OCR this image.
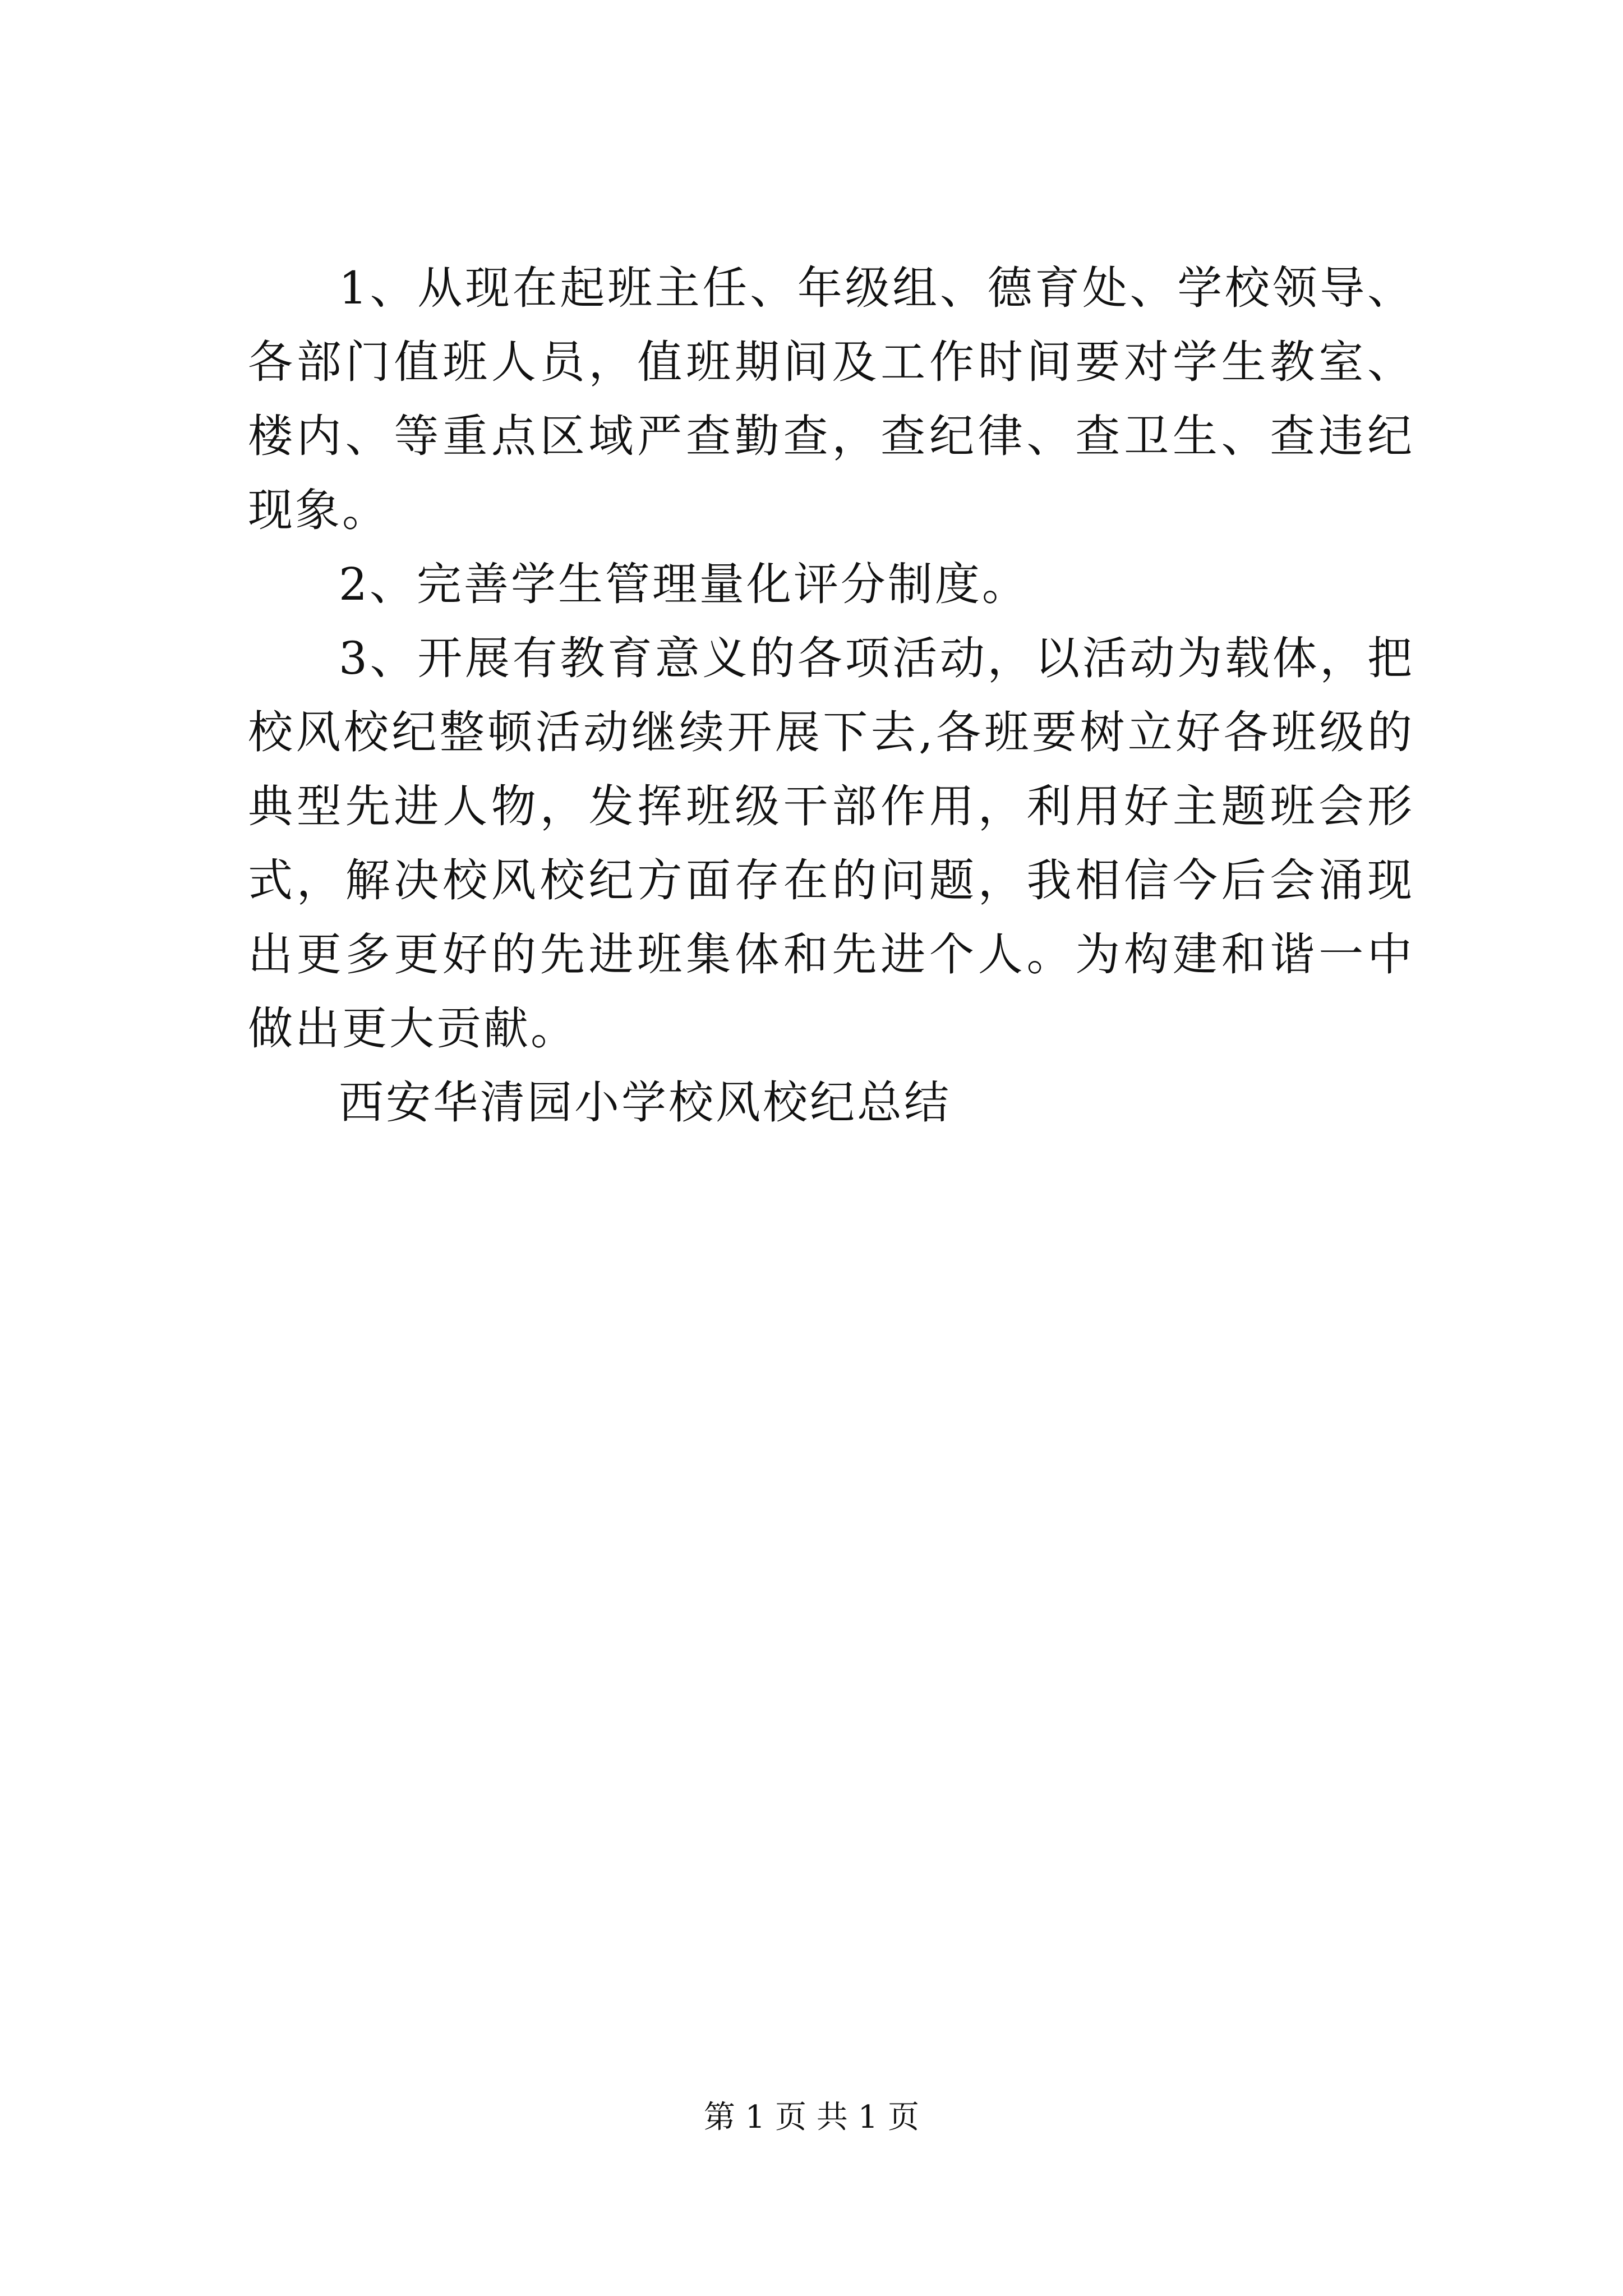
1、从现在起班主任、年级组、德育处、学校领导、各部门值班人员，值班期间及工作时间要对学生教室、楼内、等重点区域严查勤查，查纪律、查卫生、查违纪现象。

2、完善学生管理量化评分制度。

3、开展有教育意义的各项活动，以活动为载体，把校风校纪整顿活动继续开展下去,各班要树立好各班级的典型先进人物，发挥班级干部作用，利用好主题班会形式，解决校风校纪方面存在的问题，我相信今后会涌现出更多更好的先进班集体和先进个人。为构建和谐一中做出更大贡献。

西安华清园小学校风校纪总结

第 1 页 共 1 页
